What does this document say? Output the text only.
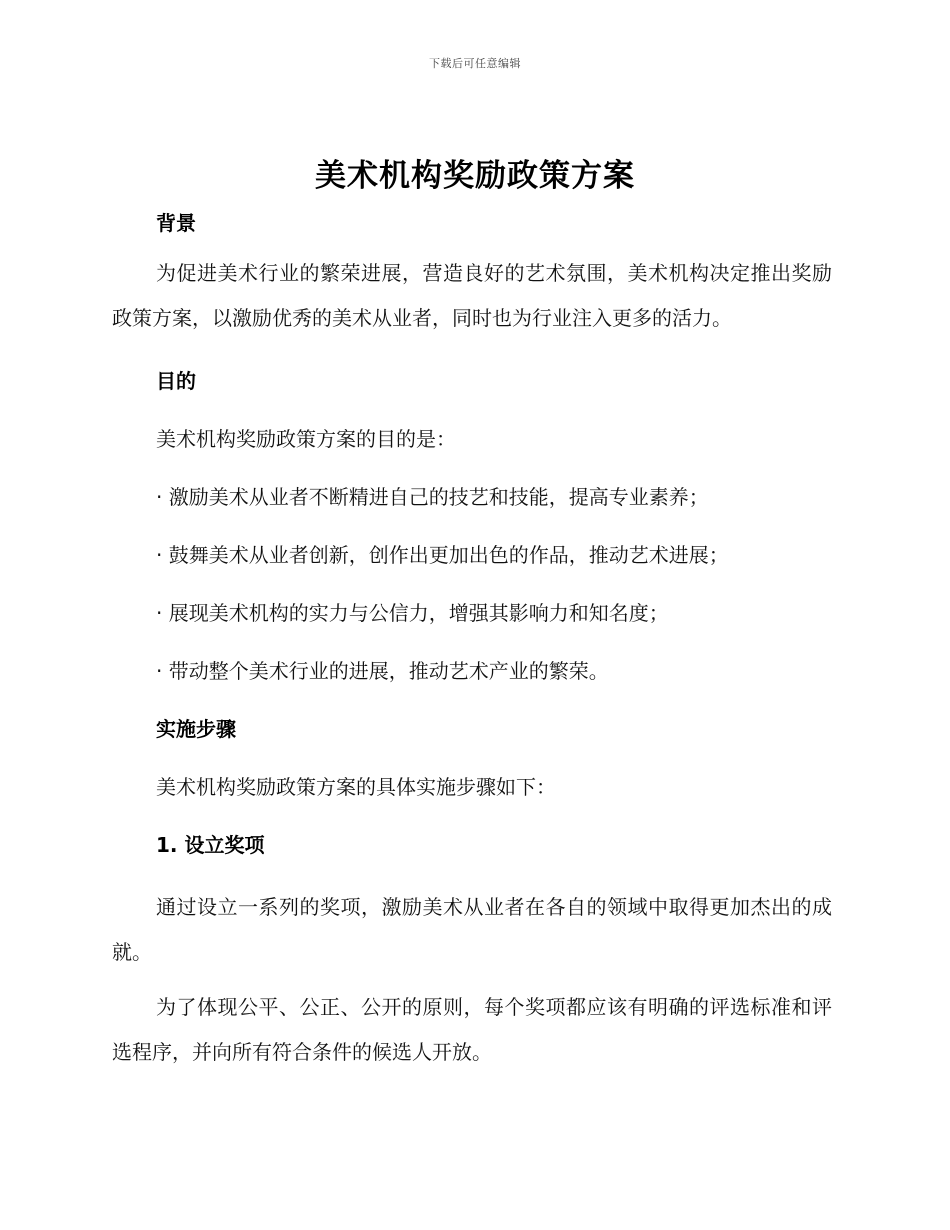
下载后可任意编辑
美术机构奖励政策方案
背景

为促进美术行业的繁荣进展，营造良好的艺术氛围，美术机构决定推出奖励政策方案，以激励优秀的美术从业者，同时也为行业注入更多的活力。

目的
美术机构奖励政策方案的目的是：
· 激励美术从业者不断精进自己的技艺和技能，提高专业素养；
· 鼓舞美术从业者创新，创作出更加出色的作品，推动艺术进展；
· 展现美术机构的实力与公信力，增强其影响力和知名度；
· 带动整个美术行业的进展，推动艺术产业的繁荣。
实施步骤
美术机构奖励政策方案的具体实施步骤如下：
1. 设立奖项

通过设立一系列的奖项，激励美术从业者在各自的领域中取得更加杰出的成就。

为了体现公平、公正、公开的原则，每个奖项都应该有明确的评选标准和评选程序，并向所有符合条件的候选人开放。
